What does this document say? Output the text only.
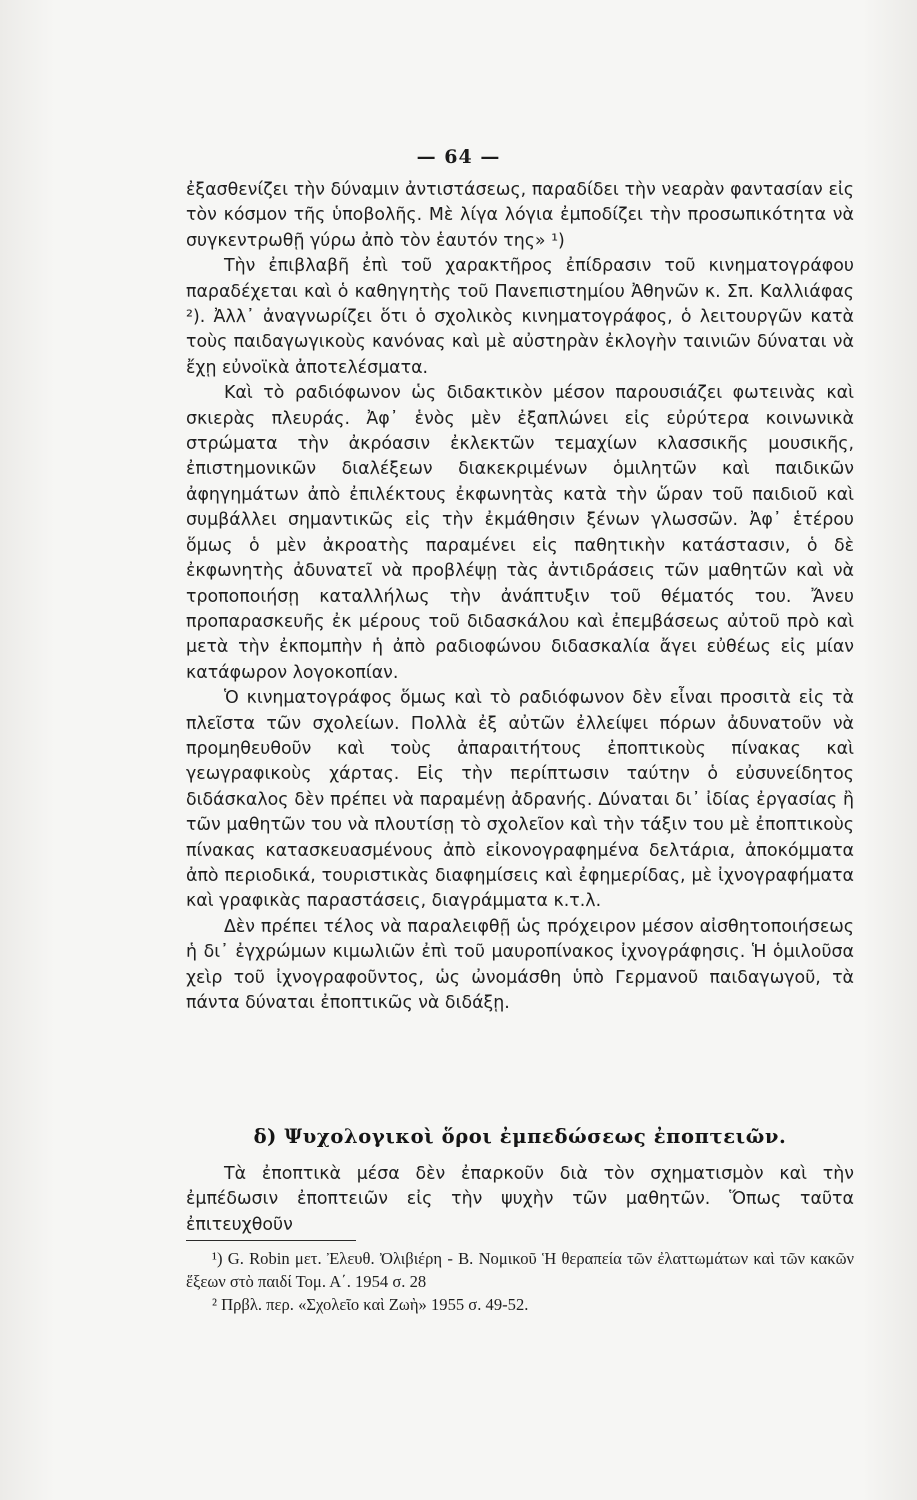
— 64 —

ἐξασθενίζει τὴν δύναμιν ἀντιστάσεως, παραδίδει τὴν νεαρὰν φαντασίαν εἰς τὸν κόσμον τῆς ὑποβολῆς. Μὲ λίγα λόγια ἐμποδίζει τὴν προσωπικότητα νὰ συγκεντρωθῇ γύρω ἀπὸ τὸν ἑαυτόν της» ¹)

Τὴν ἐπιβλαβῆ ἐπὶ τοῦ χαρακτῆρος ἐπίδρασιν τοῦ κινηματογράφου παραδέχεται καὶ ὁ καθηγητὴς τοῦ Πανεπιστημίου Ἀθηνῶν κ. Σπ. Καλλιάφας ²). Ἀλλ᾽ ἀναγνωρίζει ὅτι ὁ σχολικὸς κινηματογράφος, ὁ λειτουργῶν κατὰ τοὺς παιδαγωγικοὺς κανόνας καὶ μὲ αὐστηρὰν ἐκλογὴν ταινιῶν δύναται νὰ ἔχῃ εὐνοϊκὰ ἀποτελέσματα.

Καὶ τὸ ραδιόφωνον ὡς διδακτικὸν μέσον παρουσιάζει φωτεινὰς καὶ σκιερὰς πλευράς. Ἀφ᾽ ἑνὸς μὲν ἐξαπλώνει εἰς εὐρύτερα κοινωνικὰ στρώματα τὴν ἀκρόασιν ἐκλεκτῶν τεμαχίων κλασσικῆς μουσικῆς, ἐπιστημονικῶν διαλέξεων διακεκριμένων ὁμιλητῶν καὶ παιδικῶν ἀφηγημάτων ἀπὸ ἐπιλέκτους ἐκφωνητὰς κατὰ τὴν ὥραν τοῦ παιδιοῦ καὶ συμβάλλει σημαντικῶς εἰς τὴν ἐκμάθησιν ξένων γλωσσῶν. Ἀφ᾽ ἑτέρου ὅμως ὁ μὲν ἀκροατὴς παραμένει εἰς παθητικὴν κατάστασιν, ὁ δὲ ἐκφωνητὴς ἀδυνατεῖ νὰ προβλέψῃ τὰς ἀντιδράσεις τῶν μαθητῶν καὶ νὰ τροποποιήσῃ καταλλήλως τὴν ἀνάπτυξιν τοῦ θέματός του. Ἄνευ προπαρασκευῆς ἐκ μέρους τοῦ διδασκάλου καὶ ἐπεμβάσεως αὐτοῦ πρὸ καὶ μετὰ τὴν ἐκπομπὴν ἡ ἀπὸ ραδιοφώνου διδασκαλία ἄγει εὐθέως εἰς μίαν κατάφωρον λογοκοπίαν.

Ὁ κινηματογράφος ὅμως καὶ τὸ ραδιόφωνον δὲν εἶναι προσιτὰ εἰς τὰ πλεῖστα τῶν σχολείων. Πολλὰ ἐξ αὐτῶν ἐλλείψει πόρων ἀδυνατοῦν νὰ προμηθευθοῦν καὶ τοὺς ἀπαραιτήτους ἐποπτικοὺς πίνακας καὶ γεωγραφικοὺς χάρτας. Εἰς τὴν περίπτωσιν ταύτην ὁ εὐσυνείδητος διδάσκαλος δὲν πρέπει νὰ παραμένῃ ἀδρανής. Δύναται δι᾽ ἰδίας ἐργασίας ἢ τῶν μαθητῶν του νὰ πλουτίσῃ τὸ σχολεῖον καὶ τὴν τάξιν του μὲ ἐποπτικοὺς πίνακας κατασκευασμένους ἀπὸ εἰκονογραφημένα δελτάρια, ἀποκόμματα ἀπὸ περιοδικά, τουριστικὰς διαφημίσεις καὶ ἐφημερίδας, μὲ ἰχνογραφήματα καὶ γραφικὰς παραστάσεις, διαγράμματα κ.τ.λ.

Δὲν πρέπει τέλος νὰ παραλειφθῇ ὡς πρόχειρον μέσον αἰσθητοποιήσεως ἡ δι᾽ ἐγχρώμων κιμωλιῶν ἐπὶ τοῦ μαυροπίνακος ἰχνογράφησις. Ἡ ὁμιλοῦσα χεὶρ τοῦ ἰχνογραφοῦντος, ὡς ὠνομάσθη ὑπὸ Γερμανοῦ παιδαγωγοῦ, τὰ πάντα δύναται ἐποπτικῶς νὰ διδάξῃ.

δ) Ψυχολογικοὶ ὅροι ἐμπεδώσεως ἐποπτειῶν.

Τὰ ἐποπτικὰ μέσα δὲν ἐπαρκοῦν διὰ τὸν σχηματισμὸν καὶ τὴν ἐμπέδωσιν ἐποπτειῶν εἰς τὴν ψυχὴν τῶν μαθητῶν. Ὅπως ταῦτα ἐπιτευχθοῦν

¹) G. Robin μετ. Ἐλευθ. Ὀλιβιέρη - Β. Νομικοῦ Ἡ θεραπεία τῶν ἐλαττωμάτων καὶ τῶν κακῶν ἕξεων στὸ παιδί Τομ. Α΄. 1954 σ. 28

² Πρβλ. περ. «Σχολεῖο καὶ Ζωὴ» 1955 σ. 49-52.
